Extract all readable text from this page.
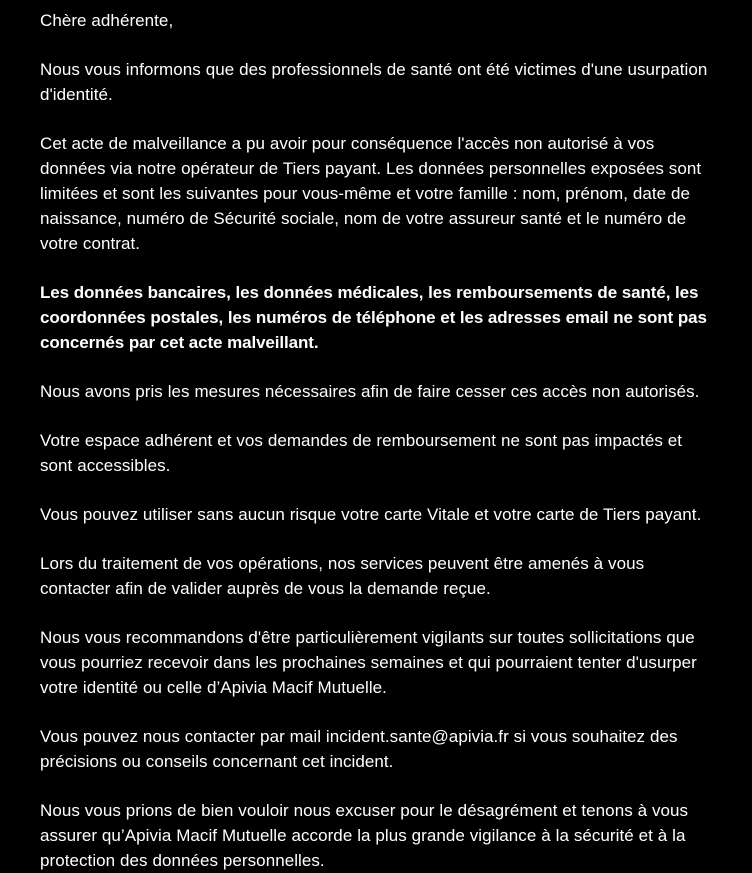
Chère adhérente,

Nous vous informons que des professionnels de santé ont été victimes d'une usurpation d'identité.

Cet acte de malveillance a pu avoir pour conséquence l'accès non autorisé à vos données via notre opérateur de Tiers payant. Les données personnelles exposées sont limitées et sont les suivantes pour vous-même et votre famille : nom, prénom, date de naissance, numéro de Sécurité sociale, nom de votre assureur santé et le numéro de votre contrat.

Les données bancaires, les données médicales, les remboursements de santé, les coordonnées postales, les numéros de téléphone et les adresses email ne sont pas concernés par cet acte malveillant.

Nous avons pris les mesures nécessaires afin de faire cesser ces accès non autorisés.

Votre espace adhérent et vos demandes de remboursement ne sont pas impactés et sont accessibles.

Vous pouvez utiliser sans aucun risque votre carte Vitale et votre carte de Tiers payant.

Lors du traitement de vos opérations, nos services peuvent être amenés à vous contacter afin de valider auprès de vous la demande reçue.

Nous vous recommandons d'être particulièrement vigilants sur toutes sollicitations que vous pourriez recevoir dans les prochaines semaines et qui pourraient tenter d'usurper votre identité ou celle d’Apivia Macif Mutuelle.

Vous pouvez nous contacter par mail incident.sante@apivia.fr si vous souhaitez des précisions ou conseils concernant cet incident.

Nous vous prions de bien vouloir nous excuser pour le désagrément et tenons à vous assurer qu’Apivia Macif Mutuelle accorde la plus grande vigilance à la sécurité et à la protection des données personnelles.
